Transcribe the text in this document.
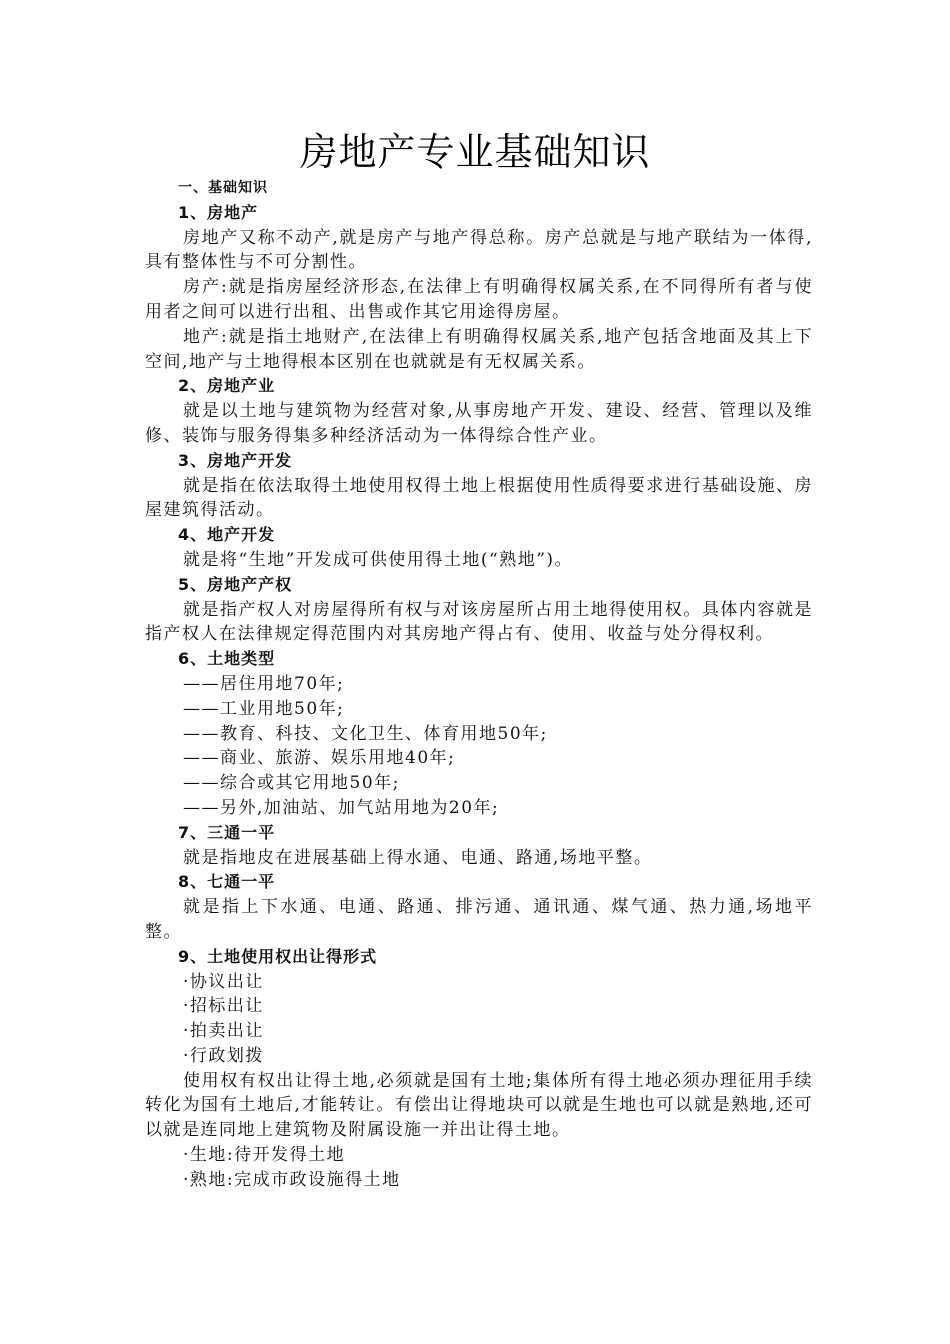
房地产专业基础知识

一、基础知识

1、房地产

房地产又称不动产,就是房产与地产得总称。房产总就是与地产联结为一体得,具有整体性与不可分割性。

房产:就是指房屋经济形态,在法律上有明确得权属关系,在不同得所有者与使用者之间可以进行出租、出售或作其它用途得房屋。

地产:就是指土地财产,在法律上有明确得权属关系,地产包括含地面及其上下空间,地产与土地得根本区别在也就就是有无权属关系。

2、房地产业

就是以土地与建筑物为经营对象,从事房地产开发、建设、经营、管理以及维修、装饰与服务得集多种经济活动为一体得综合性产业。

3、房地产开发

就是指在依法取得土地使用权得土地上根据使用性质得要求进行基础设施、房屋建筑得活动。

4、地产开发

就是将“生地”开发成可供使用得土地(“熟地”)。

5、房地产产权

就是指产权人对房屋得所有权与对该房屋所占用土地得使用权。具体内容就是指产权人在法律规定得范围内对其房地产得占有、使用、收益与处分得权利。

6、土地类型

——居住用地70年;

——工业用地50年;

——教育、科技、文化卫生、体育用地50年;

——商业、旅游、娱乐用地40年;

——综合或其它用地50年;

——另外,加油站、加气站用地为20年;

7、三通一平

就是指地皮在进展基础上得水通、电通、路通,场地平整。

8、七通一平

就是指上下水通、电通、路通、排污通、通讯通、煤气通、热力通,场地平整。

9、土地使用权出让得形式

·协议出让

·招标出让

·拍卖出让

·行政划拨

使用权有权出让得土地,必须就是国有土地;集体所有得土地必须办理征用手续转化为国有土地后,才能转让。有偿出让得地块可以就是生地也可以就是熟地,还可以就是连同地上建筑物及附属设施一并出让得土地。

·生地:待开发得土地

·熟地:完成市政设施得土地
